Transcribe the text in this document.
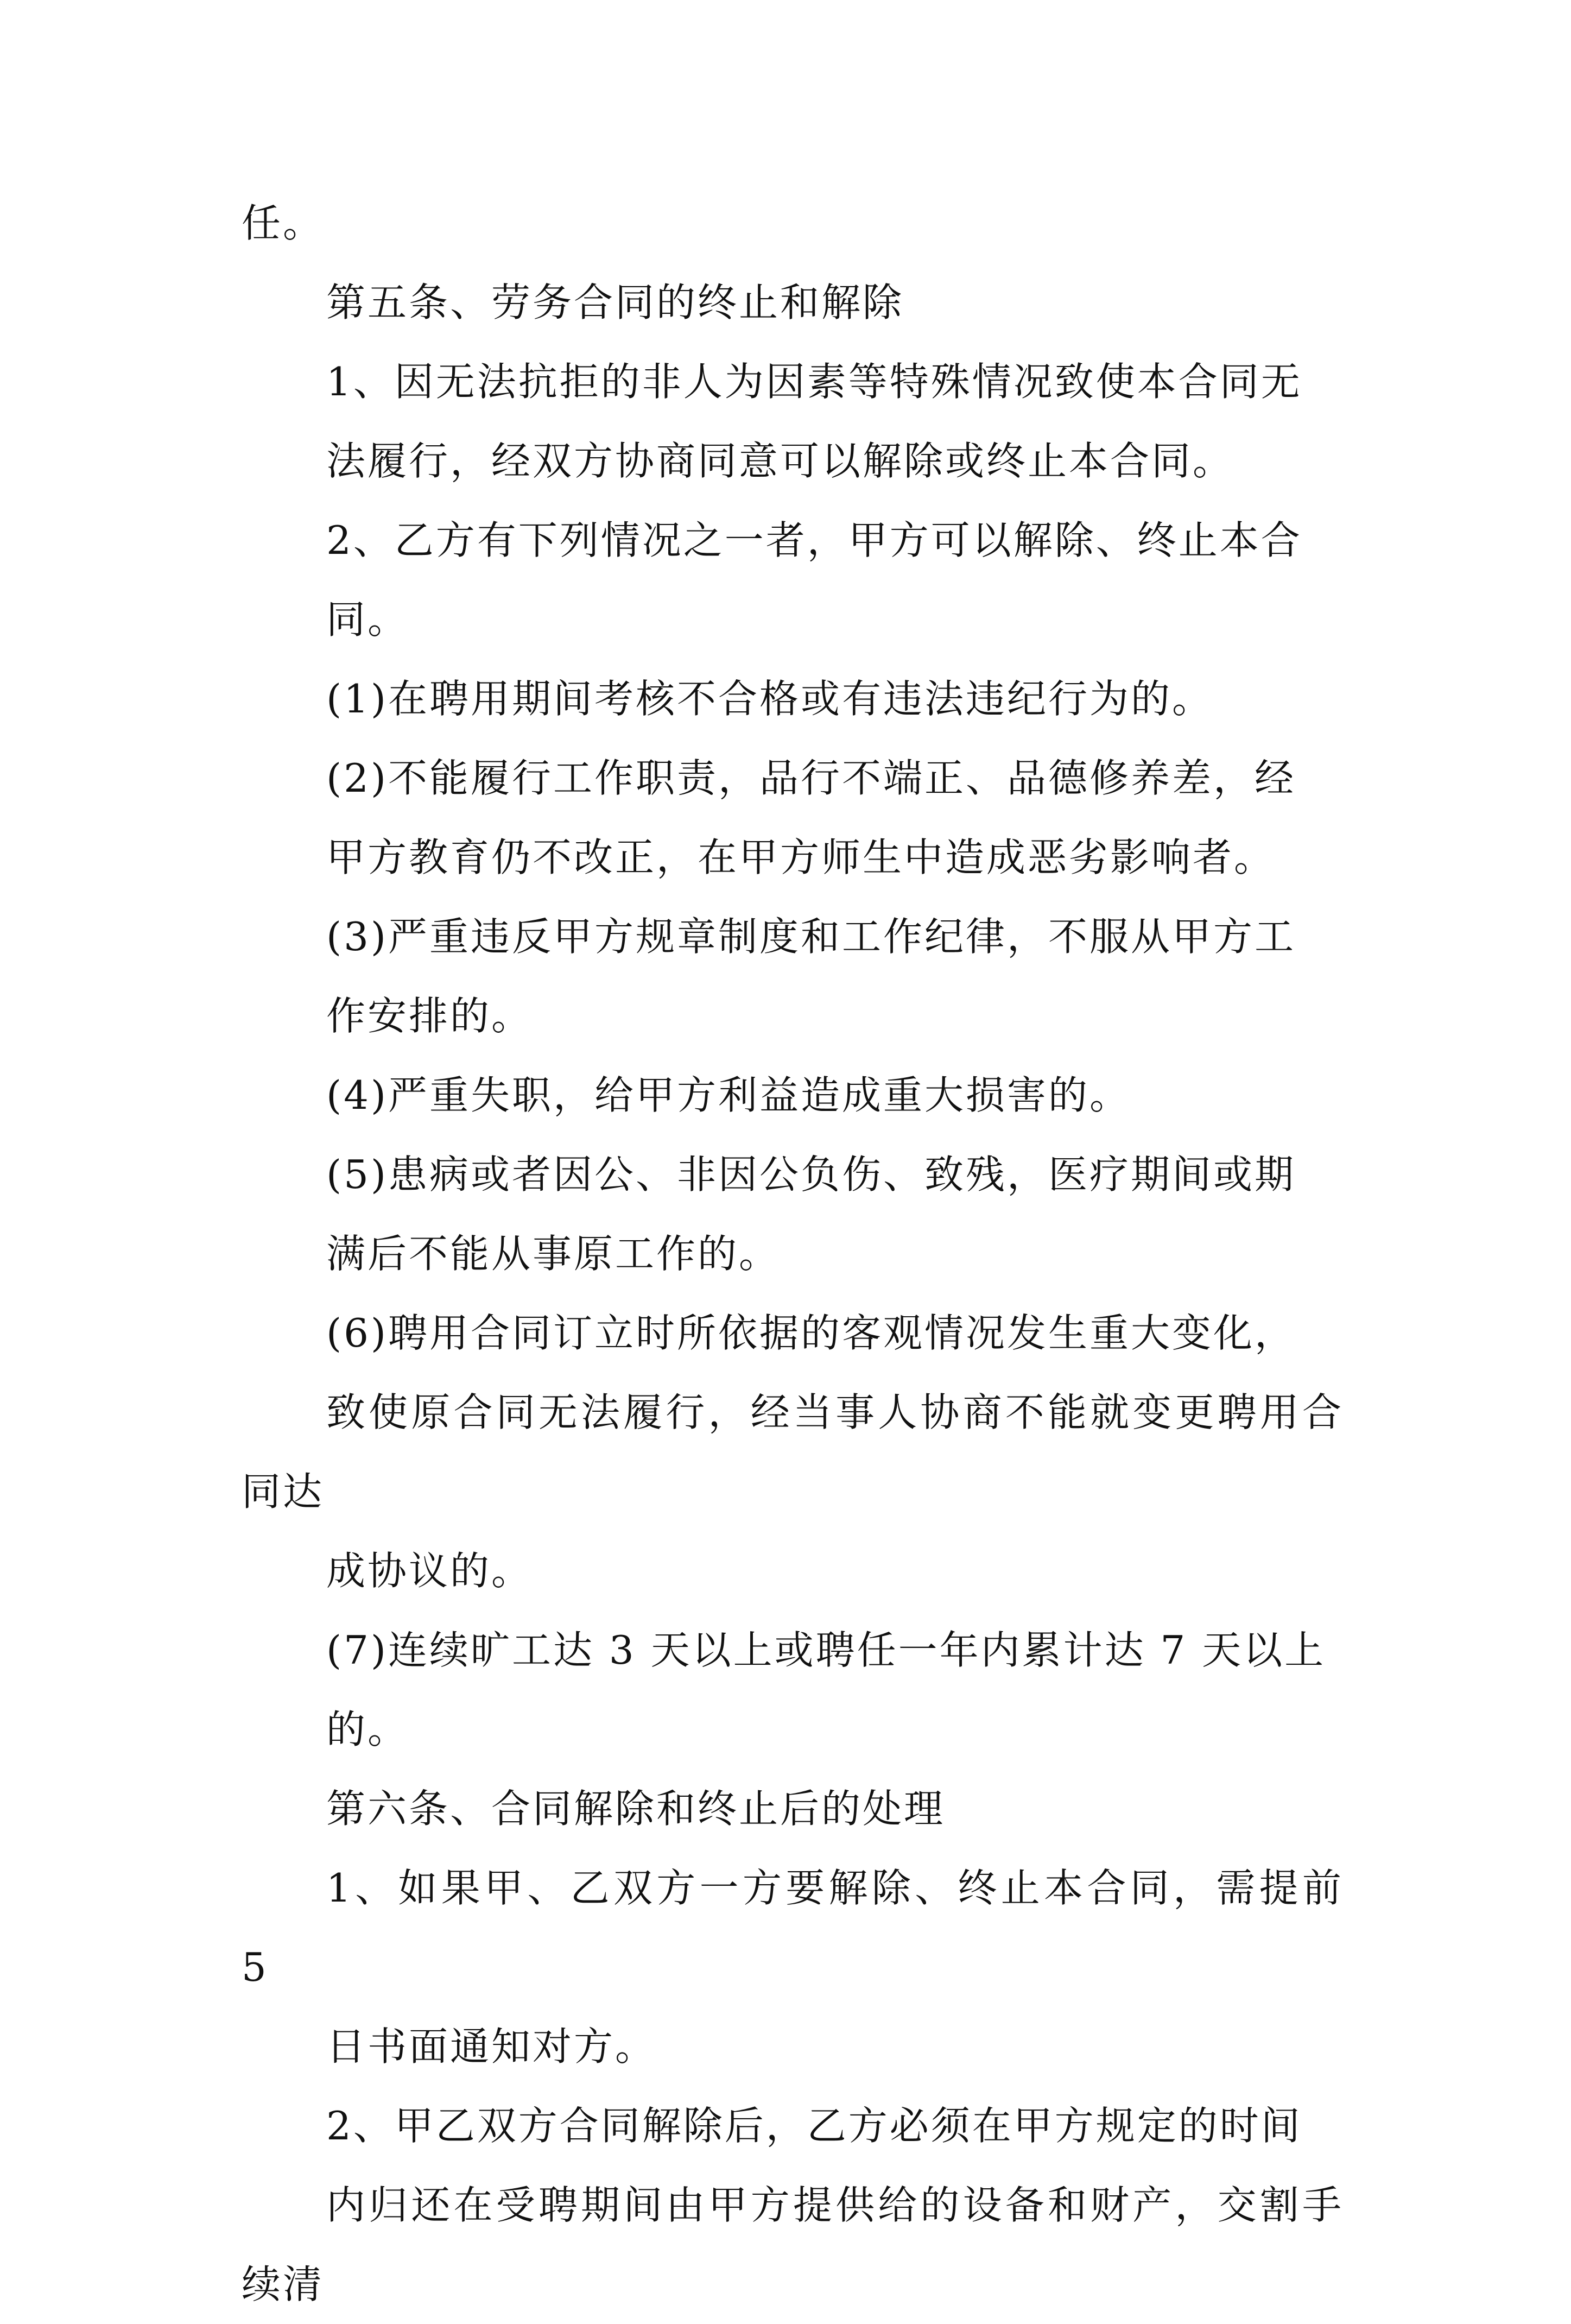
任。
第五条、劳务合同的终止和解除
1、因无法抗拒的非人为因素等特殊情况致使本合同无
法履行，经双方协商同意可以解除或终止本合同。
2、乙方有下列情况之一者，甲方可以解除、终止本合
同。
(1)在聘用期间考核不合格或有违法违纪行为的。
(2)不能履行工作职责，品行不端正、品德修养差，经
甲方教育仍不改正，在甲方师生中造成恶劣影响者。
(3)严重违反甲方规章制度和工作纪律，不服从甲方工
作安排的。
(4)严重失职，给甲方利益造成重大损害的。
(5)患病或者因公、非因公负伤、致残，医疗期间或期
满后不能从事原工作的。
(6)聘用合同订立时所依据的客观情况发生重大变化，
致使原合同无法履行，经当事人协商不能就变更聘用合同达
成协议的。
(7)连续旷工达 3 天以上或聘任一年内累计达 7 天以上
的。
第六条、合同解除和终止后的处理
1、如果甲、乙双方一方要解除、终止本合同，需提前 5
日书面通知对方。
2、甲乙双方合同解除后，乙方必须在甲方规定的时间
内归还在受聘期间由甲方提供给的设备和财产，交割手续清
